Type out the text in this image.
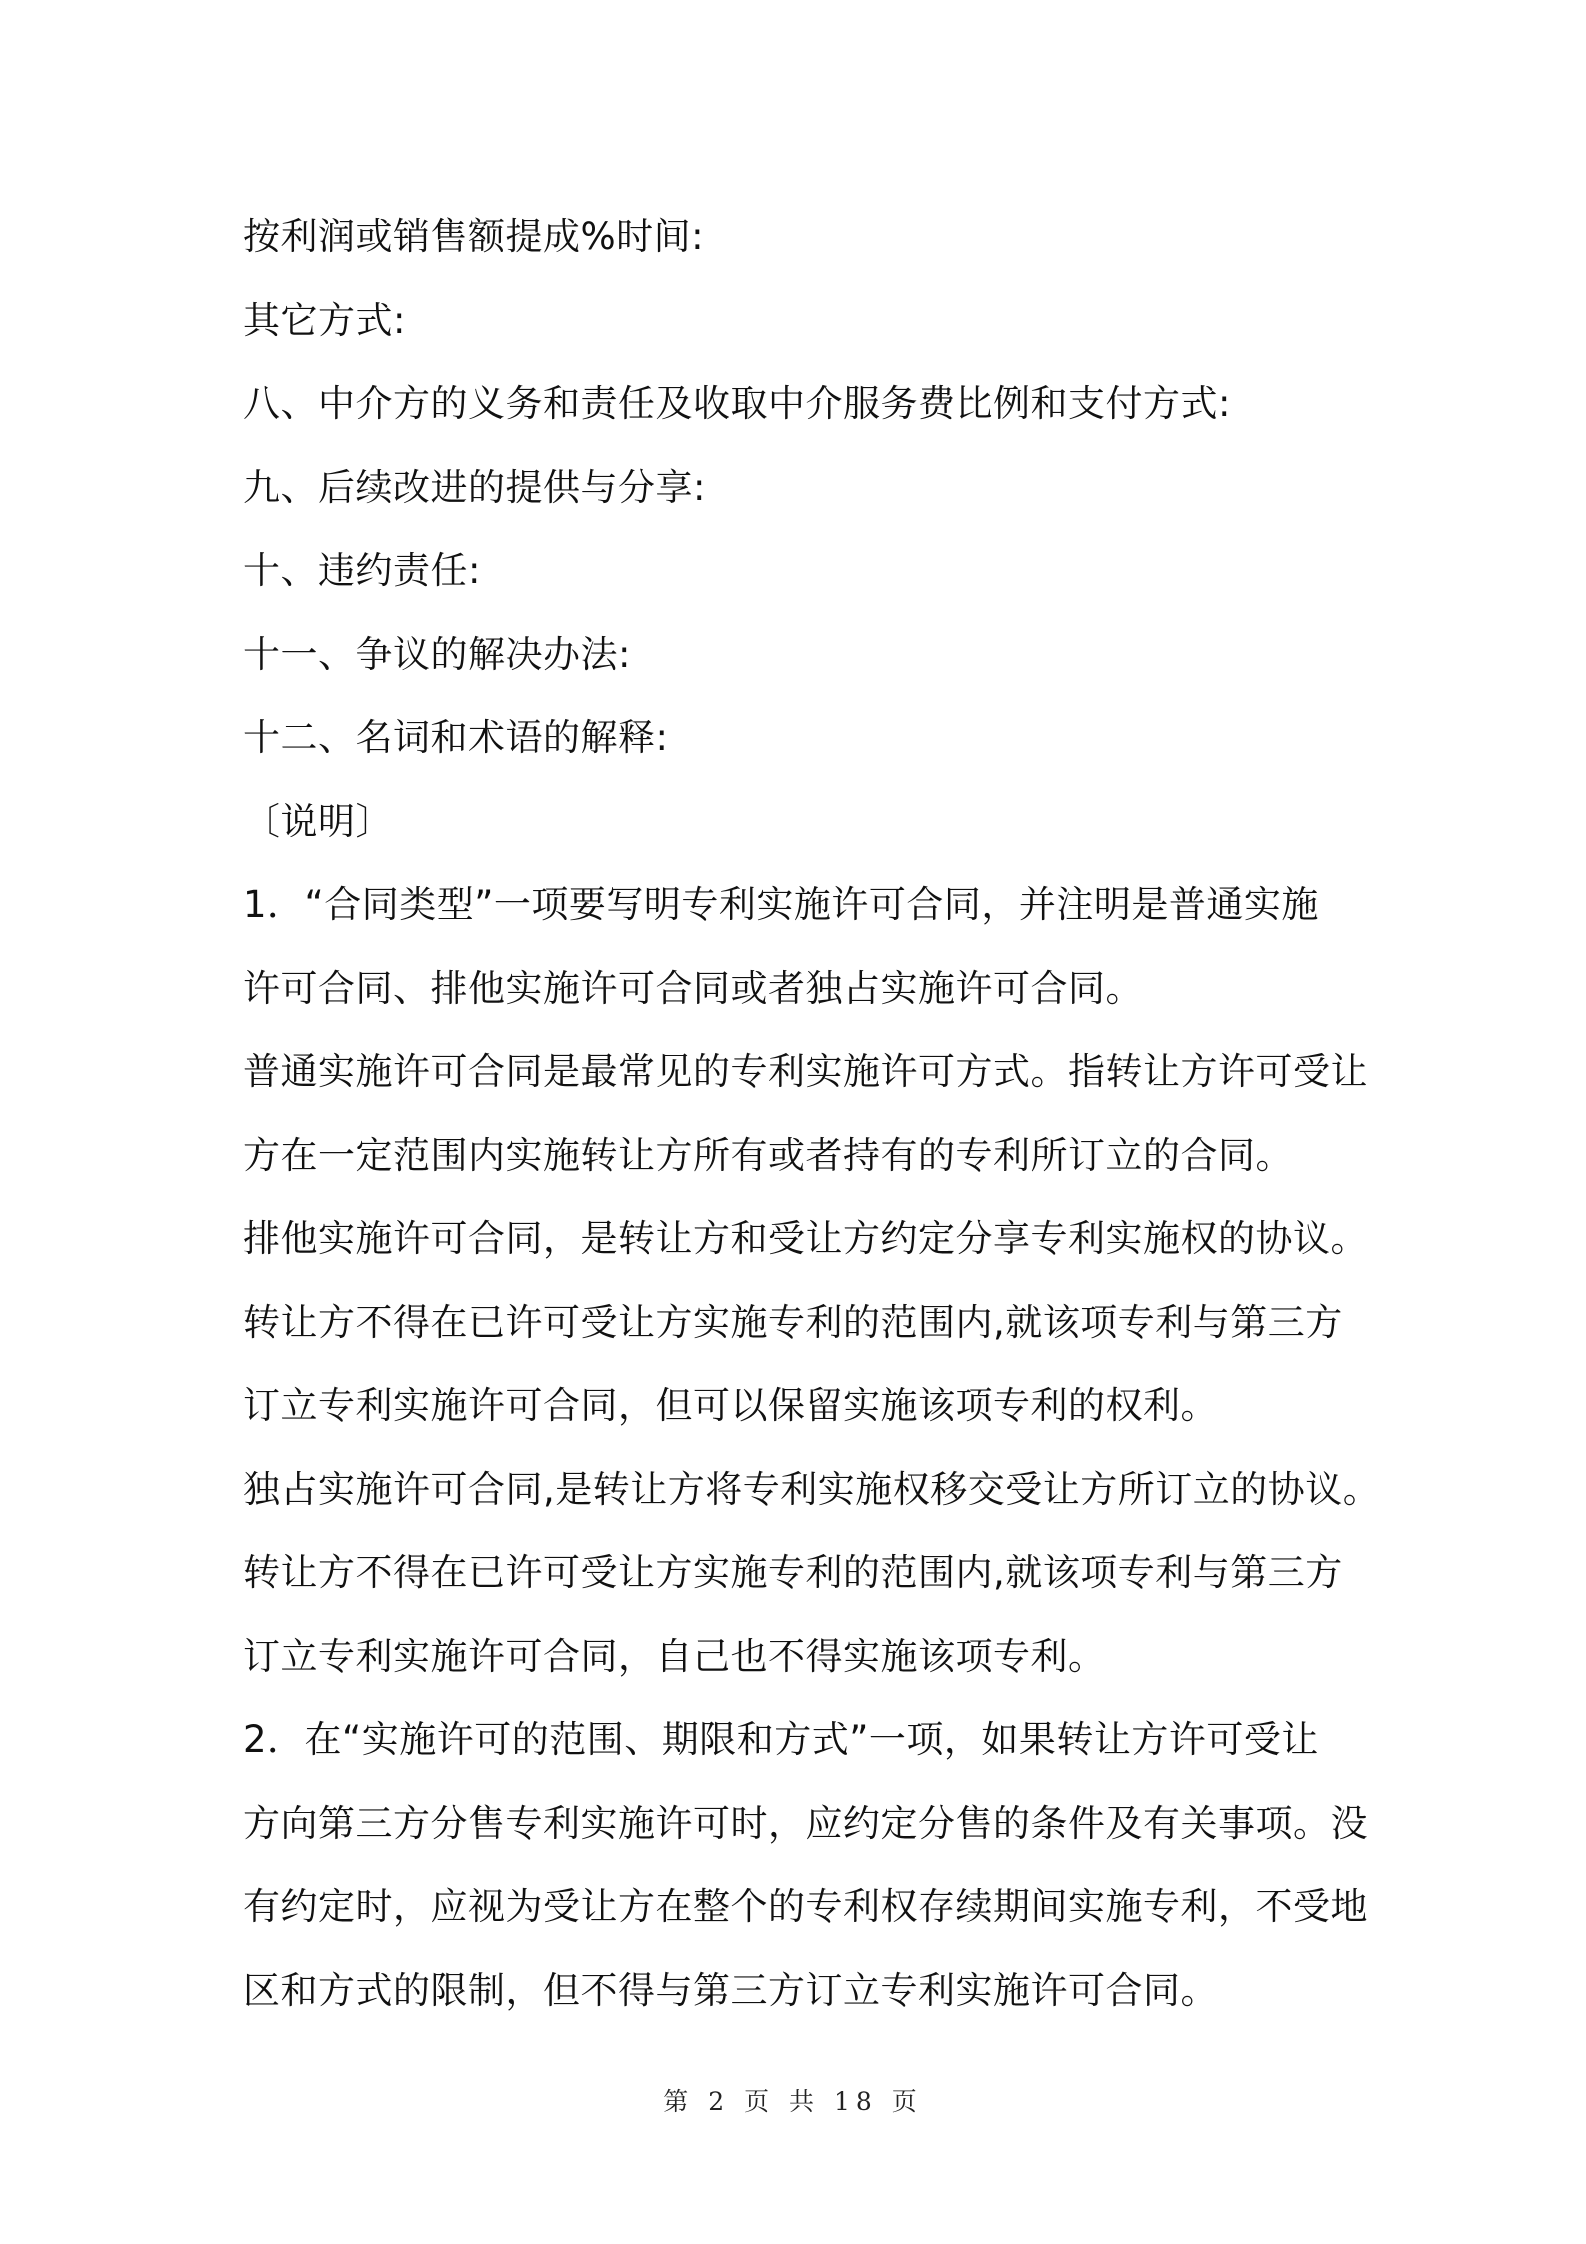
按利润或销售额提成%时间:
其它方式:
八、中介方的义务和责任及收取中介服务费比例和支付方式:
九、后续改进的提供与分享:
十、违约责任:
十一、争议的解决办法:
十二、名词和术语的解释:
〔说明〕
1．“合同类型”一项要写明专利实施许可合同，并注明是普通实施
许可合同、排他实施许可合同或者独占实施许可合同。
普通实施许可合同是最常见的专利实施许可方式。指转让方许可受让
方在一定范围内实施转让方所有或者持有的专利所订立的合同。
排他实施许可合同，是转让方和受让方约定分享专利实施权的协议。
转让方不得在已许可受让方实施专利的范围内,就该项专利与第三方
订立专利实施许可合同，但可以保留实施该项专利的权利。
独占实施许可合同,是转让方将专利实施权移交受让方所订立的协议。
转让方不得在已许可受让方实施专利的范围内,就该项专利与第三方
订立专利实施许可合同，自己也不得实施该项专利。
2．在“实施许可的范围、期限和方式”一项，如果转让方许可受让
方向第三方分售专利实施许可时，应约定分售的条件及有关事项。没
有约定时，应视为受让方在整个的专利权存续期间实施专利，不受地
区和方式的限制，但不得与第三方订立专利实施许可合同。
第 2 页 共 18 页
